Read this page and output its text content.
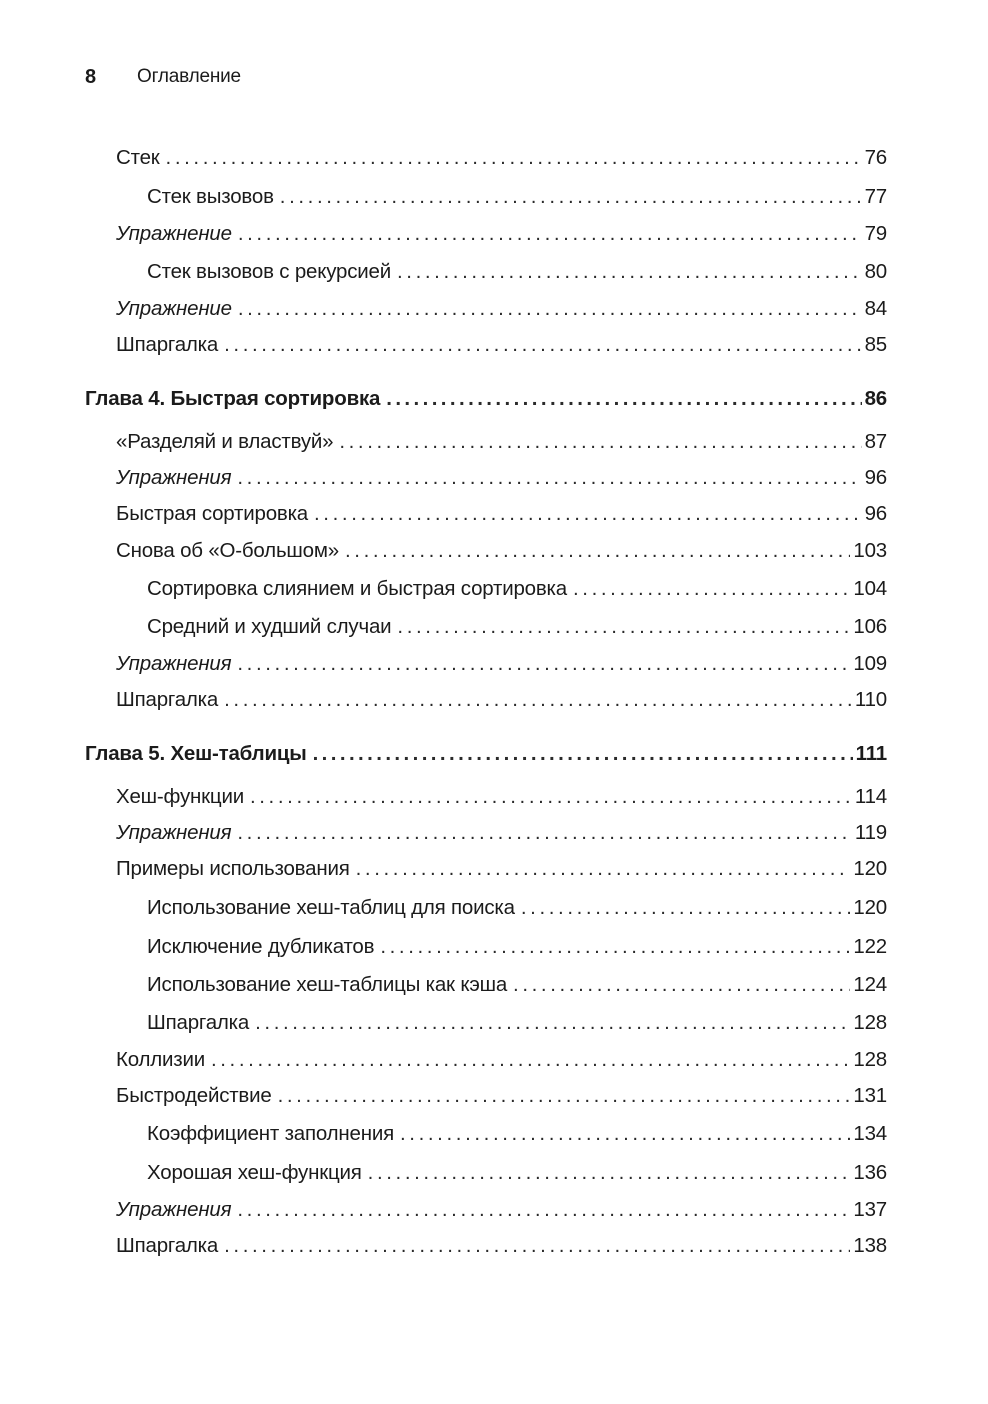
8	Оглавление
Стек .....	76
Стек вызовов .....	77
Упражнение .....	79
Стек вызовов с рекурсией .....	80
Упражнение .....	84
Шпаргалка .....	85
Глава 4. Быстрая сортировка .....	86
«Разделяй и властвуй» .....	87
Упражнения .....	96
Быстрая сортировка .....	96
Снова об «О-большом» .....	103
Сортировка слиянием и быстрая сортировка .....	104
Средний и худший случаи .....	106
Упражнения .....	109
Шпаргалка .....	110
Глава 5. Хеш-таблицы .....	111
Хеш-функции .....	114
Упражнения .....	119
Примеры использования .....	120
Использование хеш-таблиц для поиска .....	120
Исключение дубликатов .....	122
Использование хеш-таблицы как кэша .....	124
Шпаргалка .....	128
Коллизии .....	128
Быстродействие .....	131
Коэффициент заполнения .....	134
Хорошая хеш-функция .....	136
Упражнения .....	137
Шпаргалка .....	138
